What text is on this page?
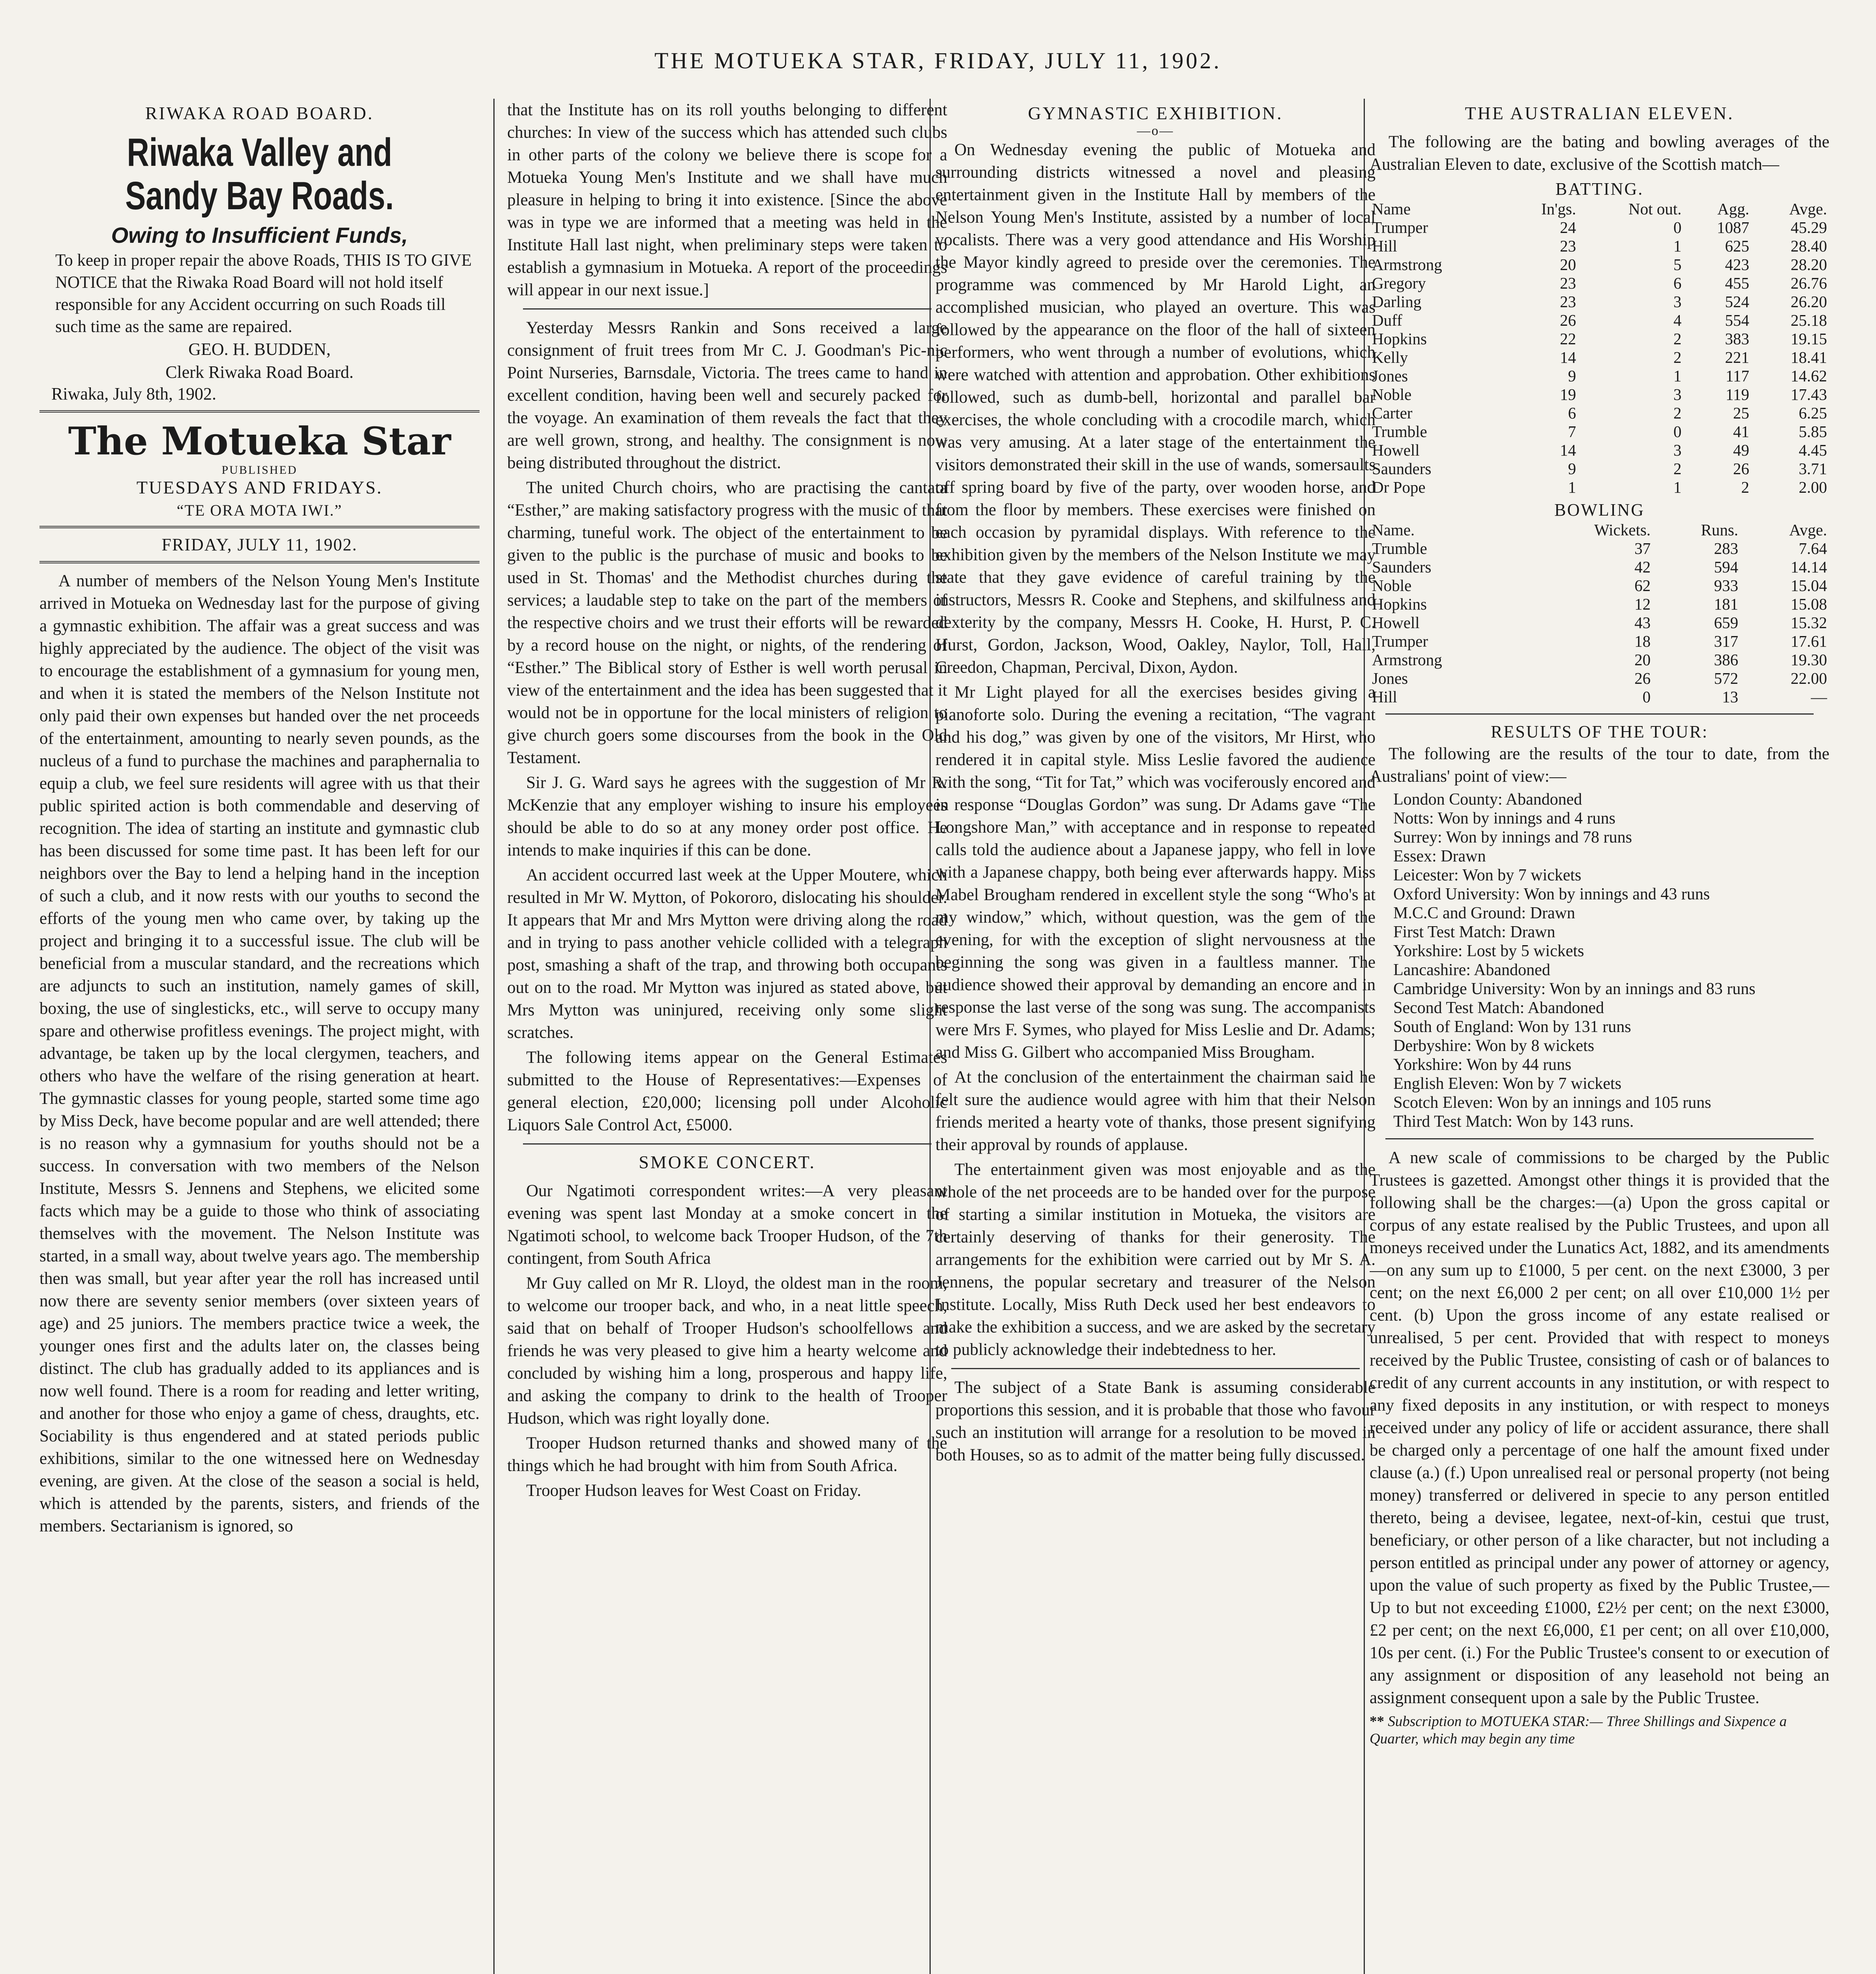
THE MOTUEKA STAR, FRIDAY, JULY 11, 1902.
RIWAKA ROAD BOARD.
Riwaka Valley and Sandy Bay Roads.
Owing to Insufficient Funds,
To keep in proper repair the above Roads, THIS IS TO GIVE NOTICE that the Riwaka Road Board will not hold itself responsible for any Accident occurring on such Roads till such time as the same are repaired.
GEO. H. BUDDEN,
Clerk Riwaka Road Board.
Riwaka, July 8th, 1902.
The Motueka Star
PUBLISHED
TUESDAYS AND FRIDAYS.
“TE ORA MOTA IWI.”
FRIDAY, JULY 11, 1902.

A number of members of the Nelson Young Men's Institute arrived in Motueka on Wednesday last for the purpose of giving a gymnastic exhibition. The affair was a great success and was highly appreciated by the audience. The object of the visit was to encourage the establishment of a gymnasium for young men, and when it is stated the members of the Nelson Institute not only paid their own expenses but handed over the net proceeds of the entertainment, amounting to nearly seven pounds, as the nucleus of a fund to purchase the machines and paraphernalia to equip a club, we feel sure residents will agree with us that their public spirited action is both commendable and deserving of recognition. The idea of starting an institute and gymnastic club has been discussed for some time past. It has been left for our neighbors over the Bay to lend a helping hand in the inception of such a club, and it now rests with our youths to second the efforts of the young men who came over, by taking up the project and bringing it to a successful issue. The club will be beneficial from a muscular standard, and the recreations which are adjuncts to such an institution, namely games of skill, boxing, the use of singlesticks, etc., will serve to occupy many spare and otherwise profitless evenings. The project might, with advantage, be taken up by the local clergymen, teachers, and others who have the welfare of the rising generation at heart. The gymnastic classes for young people, started some time ago by Miss Deck, have become popular and are well attended; there is no reason why a gymnasium for youths should not be a success. In conversation with two members of the Nelson Institute, Messrs S. Jennens and Stephens, we elicited some facts which may be a guide to those who think of associating themselves with the movement. The Nelson Institute was started, in a small way, about twelve years ago. The membership then was small, but year after year the roll has increased until now there are seventy senior members (over sixteen years of age) and 25 juniors. The members practice twice a week, the younger ones first and the adults later on, the classes being distinct. The club has gradually added to its appliances and is now well found. There is a room for reading and letter writing, and another for those who enjoy a game of chess, draughts, etc. Sociability is thus engendered and at stated periods public exhibitions, similar to the one witnessed here on Wednesday evening, are given. At the close of the season a social is held, which is attended by the parents, sisters, and friends of the members. Sectarianism is ignored, so

that the Institute has on its roll youths belonging to different churches: In view of the success which has attended such clubs in other parts of the colony we believe there is scope for a Motueka Young Men's Institute and we shall have much pleasure in helping to bring it into existence. [Since the above was in type we are informed that a meeting was held in the Institute Hall last night, when preliminary steps were taken to establish a gymnasium in Motueka. A report of the proceedings will appear in our next issue.]

Yesterday Messrs Rankin and Sons received a large consignment of fruit trees from Mr C. J. Goodman's Pic-nic Point Nurseries, Barnsdale, Victoria. The trees came to hand in excellent condition, having been well and securely packed for the voyage. An examination of them reveals the fact that they are well grown, strong, and healthy. The consignment is now being distributed throughout the district.

The united Church choirs, who are practising the cantata “Esther,” are making satisfactory progress with the music of that charming, tuneful work. The object of the entertainment to be given to the public is the purchase of music and books to be used in St. Thomas' and the Methodist churches during the services; a laudable step to take on the part of the members of the respective choirs and we trust their efforts will be rewarded by a record house on the night, or nights, of the rendering of “Esther.” The Biblical story of Esther is well worth perusal in view of the entertainment and the idea has been suggested that it would not be in opportune for the local ministers of religion to give church goers some discourses from the book in the Old Testament.

Sir J. G. Ward says he agrees with the suggestion of Mr R. McKenzie that any employer wishing to insure his employees should be able to do so at any money order post office. He intends to make inquiries if this can be done.

An accident occurred last week at the Upper Moutere, which resulted in Mr W. Mytton, of Pokororo, dislocating his shoulder. It appears that Mr and Mrs Mytton were driving along the road and in trying to pass another vehicle collided with a telegraph post, smashing a shaft of the trap, and throwing both occupants out on to the road. Mr Mytton was injured as stated above, but Mrs Mytton was uninjured, receiving only some slight scratches.

The following items appear on the General Estimates submitted to the House of Representatives:—Expenses of general election, £20,000; licensing poll under Alcoholic Liquors Sale Control Act, £5000.

SMOKE CONCERT.

Our Ngatimoti correspondent writes:—A very pleasant evening was spent last Monday at a smoke concert in the Ngatimoti school, to welcome back Trooper Hudson, of the 7th contingent, from South Africa

Mr Guy called on Mr R. Lloyd, the oldest man in the room, to welcome our trooper back, and who, in a neat little speech, said that on behalf of Trooper Hudson's schoolfellows and friends he was very pleased to give him a hearty welcome and concluded by wishing him a long, prosperous and happy life, and asking the company to drink to the health of Trooper Hudson, which was right loyally done.

Trooper Hudson returned thanks and showed many of the things which he had brought with him from South Africa.

Trooper Hudson leaves for West Coast on Friday.

GYMNASTIC EXHIBITION.
—o—

On Wednesday evening the public of Motueka and surrounding districts witnessed a novel and pleasing entertainment given in the Institute Hall by members of the Nelson Young Men's Institute, assisted by a number of local vocalists. There was a very good attendance and His Worship the Mayor kindly agreed to preside over the ceremonies. The programme was commenced by Mr Harold Light, an accomplished musician, who played an overture. This was followed by the appearance on the floor of the hall of sixteen performers, who went through a number of evolutions, which were watched with attention and approbation. Other exhibitions followed, such as dumb-bell, horizontal and parallel bar exercises, the whole concluding with a crocodile march, which was very amusing. At a later stage of the entertainment the visitors demonstrated their skill in the use of wands, somersaults off spring board by five of the party, over wooden horse, and from the floor by members. These exercises were finished on each occasion by pyramidal displays. With reference to the exhibition given by the members of the Nelson Institute we may state that they gave evidence of careful training by the instructors, Messrs R. Cooke and Stephens, and skilfulness and dexterity by the company, Messrs H. Cooke, H. Hurst, P. C. Hurst, Gordon, Jackson, Wood, Oakley, Naylor, Toll, Hall, Creedon, Chapman, Percival, Dixon, Aydon.

Mr Light played for all the exercises besides giving a pianoforte solo. During the evening a recitation, “The vagrant and his dog,” was given by one of the visitors, Mr Hirst, who rendered it in capital style. Miss Leslie favored the audience with the song, “Tit for Tat,” which was vociferously encored and in response “Douglas Gordon” was sung. Dr Adams gave “The Longshore Man,” with acceptance and in response to repeated calls told the audience about a Japanese jappy, who fell in love with a Japanese chappy, both being ever afterwards happy. Miss Mabel Brougham rendered in excellent style the song “Who's at my window,” which, without question, was the gem of the evening, for with the exception of slight nervousness at the beginning the song was given in a faultless manner. The audience showed their approval by demanding an encore and in response the last verse of the song was sung. The accompanists were Mrs F. Symes, who played for Miss Leslie and Dr. Adams; and Miss G. Gilbert who accompanied Miss Brougham.

At the conclusion of the entertainment the chairman said he felt sure the audience would agree with him that their Nelson friends merited a hearty vote of thanks, those present signifying their approval by rounds of applause.

The entertainment given was most enjoyable and as the whole of the net proceeds are to be handed over for the purpose of starting a similar institution in Motueka, the visitors are certainly deserving of thanks for their generosity. The arrangements for the exhibition were carried out by Mr S. A. Jennens, the popular secretary and treasurer of the Nelson Institute. Locally, Miss Ruth Deck used her best endeavors to make the exhibition a success, and we are asked by the secretary to publicly acknowledge their indebtedness to her.

The subject of a State Bank is assuming considerable proportions this session, and it is probable that those who favour such an institution will arrange for a resolution to be moved in both Houses, so as to admit of the matter being fully discussed.

THE AUSTRALIAN ELEVEN.

The following are the bating and bowling averages of the Australian Eleven to date, exclusive of the Scottish match—

BATTING.
Name	In'gs.	Not out.	Agg.	Avge.
Trumper	24	0	1087	45.29
Hill	23	1	625	28.40
Armstrong	20	5	423	28.20
Gregory	23	6	455	26.76
Darling	23	3	524	26.20
Duff	26	4	554	25.18
Hopkins	22	2	383	19.15
Kelly	14	2	221	18.41
Jones	9	1	117	14.62
Noble	19	3	119	17.43
Carter	6	2	25	6.25
Trumble	7	0	41	5.85
Howell	14	3	49	4.45
Saunders	9	2	26	3.71
Dr Pope	1	1	2	2.00
BOWLING
Name.	Wickets.	Runs.	Avge.
Trumble	37	283	7.64
Saunders	42	594	14.14
Noble	62	933	15.04
Hopkins	12	181	15.08
Howell	43	659	15.32
Trumper	18	317	17.61
Armstrong	20	386	19.30
Jones	26	572	22.00
Hill	0	13	—
RESULTS OF THE TOUR:

The following are the results of the tour to date, from the Australians' point of view:—

London County: Abandoned
Notts: Won by innings and 4 runs
Surrey: Won by innings and 78 runs
Essex: Drawn
Leicester: Won by 7 wickets
Oxford University: Won by innings and 43 runs
M.C.C and Ground: Drawn
First Test Match: Drawn
Yorkshire: Lost by 5 wickets
Lancashire: Abandoned
Cambridge University: Won by an innings and 83 runs
Second Test Match: Abandoned
South of England: Won by 131 runs
Derbyshire: Won by 8 wickets
Yorkshire: Won by 44 runs
English Eleven: Won by 7 wickets
Scotch Eleven: Won by an innings and 105 runs
Third Test Match: Won by 143 runs.

A new scale of commissions to be charged by the Public Trustees is gazetted. Amongst other things it is provided that the following shall be the charges:—(a) Upon the gross capital or corpus of any estate realised by the Public Trustees, and upon all moneys received under the Lunatics Act, 1882, and its amendments—on any sum up to £1000, 5 per cent. on the next £3000, 3 per cent; on the next £6,000 2 per cent; on all over £10,000 1½ per cent. (b) Upon the gross income of any estate realised or unrealised, 5 per cent. Provided that with respect to moneys received by the Public Trustee, consisting of cash or of balances to credit of any current accounts in any institution, or with respect to any fixed deposits in any institution, or with respect to moneys received under any policy of life or accident assurance, there shall be charged only a percentage of one half the amount fixed under clause (a.) (f.) Upon unrealised real or personal property (not being money) transferred or delivered in specie to any person entitled thereto, being a devisee, legatee, next-of-kin, cestui que trust, beneficiary, or other person of a like character, but not including a person entitled as principal under any power of attorney or agency, upon the value of such property as fixed by the Public Trustee,—Up to but not exceeding £1000, £2½ per cent; on the next £3000, £2 per cent; on the next £6,000, £1 per cent; on all over £10,000, 10s per cent. (i.) For the Public Trustee's consent to or execution of any assignment or disposition of any leasehold not being an assignment consequent upon a sale by the Public Trustee.

** Subscription to MOTUEKA STAR:— Three Shillings and Sixpence a Quarter, which may begin any time
